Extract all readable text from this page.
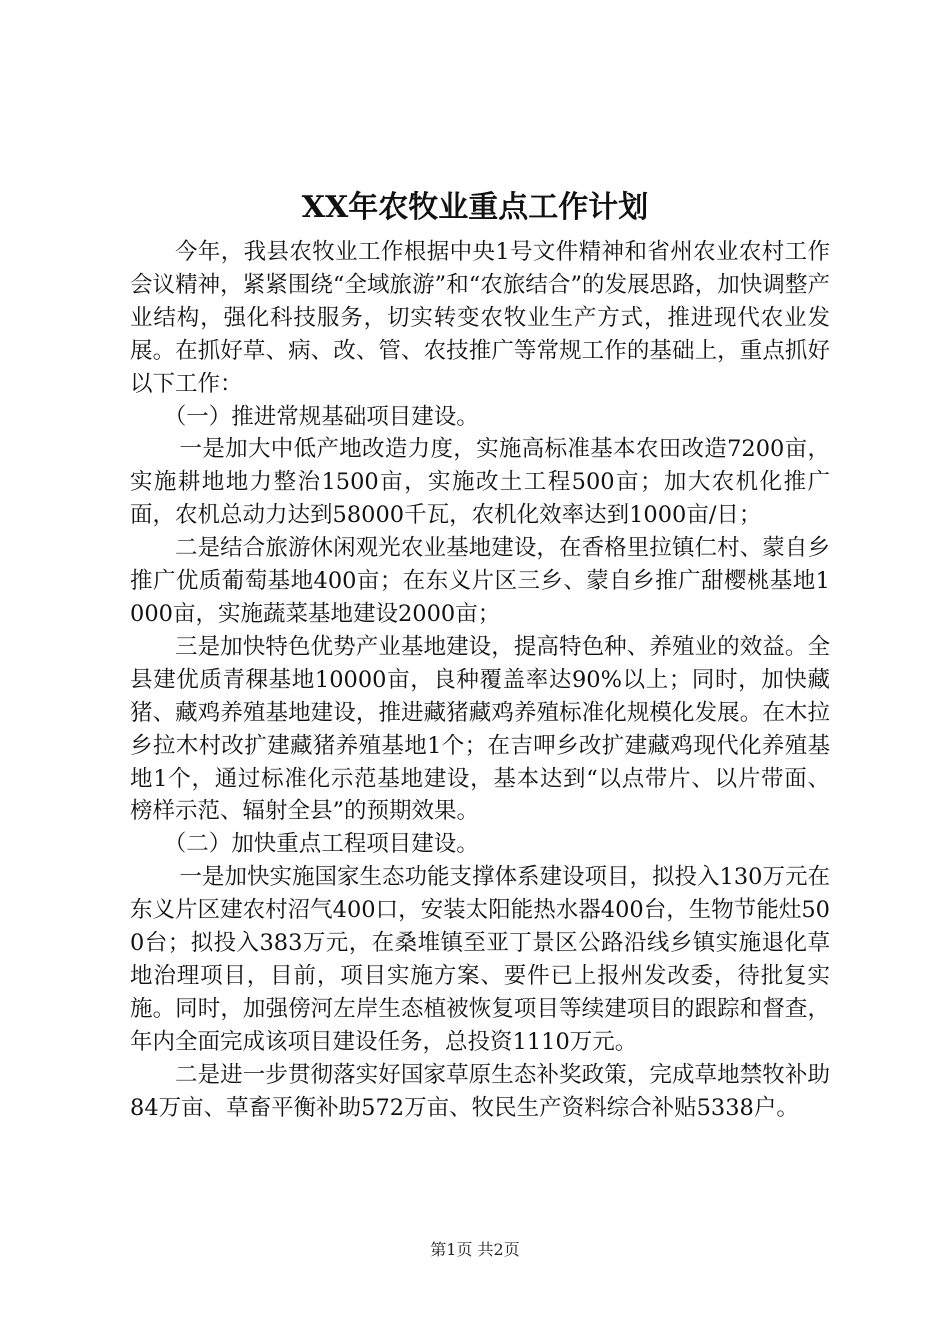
XX年农牧业重点工作计划

今年，我县农牧业工作根据中央1号文件精神和省州农业农村工作会议精神，紧紧围绕“全域旅游”和“农旅结合”的发展思路，加快调整产业结构，强化科技服务，切实转变农牧业生产方式，推进现代农业发展。在抓好草、病、改、管、农技推广等常规工作的基础上，重点抓好以下工作：

（一）推进常规基础项目建设。

一是加大中低产地改造力度，实施高标准基本农田改造7200亩，实施耕地地力整治1500亩，实施改土工程500亩；加大农机化推广面，农机总动力达到58000千瓦，农机化效率达到1000亩/日；

二是结合旅游休闲观光农业基地建设，在香格里拉镇仁村、蒙自乡推广优质葡萄基地400亩；在东义片区三乡、蒙自乡推广甜樱桃基地1000亩，实施蔬菜基地建设2000亩；

三是加快特色优势产业基地建设，提高特色种、养殖业的效益。全县建优质青稞基地10000亩，良种覆盖率达90%以上；同时，加快藏猪、藏鸡养殖基地建设，推进藏猪藏鸡养殖标准化规模化发展。在木拉乡拉木村改扩建藏猪养殖基地1个；在吉呷乡改扩建藏鸡现代化养殖基地1个，通过标准化示范基地建设，基本达到“以点带片、以片带面、榜样示范、辐射全县”的预期效果。

（二）加快重点工程项目建设。

一是加快实施国家生态功能支撑体系建设项目，拟投入130万元在东义片区建农村沼气400口，安装太阳能热水器400台，生物节能灶500台；拟投入383万元，在桑堆镇至亚丁景区公路沿线乡镇实施退化草地治理项目，目前，项目实施方案、要件已上报州发改委，待批复实施。同时，加强傍河左岸生态植被恢复项目等续建项目的跟踪和督查，年内全面完成该项目建设任务，总投资1110万元。

二是进一步贯彻落实好国家草原生态补奖政策，完成草地禁牧补助84万亩、草畜平衡补助572万亩、牧民生产资料综合补贴5338户。

第1页 共2页
